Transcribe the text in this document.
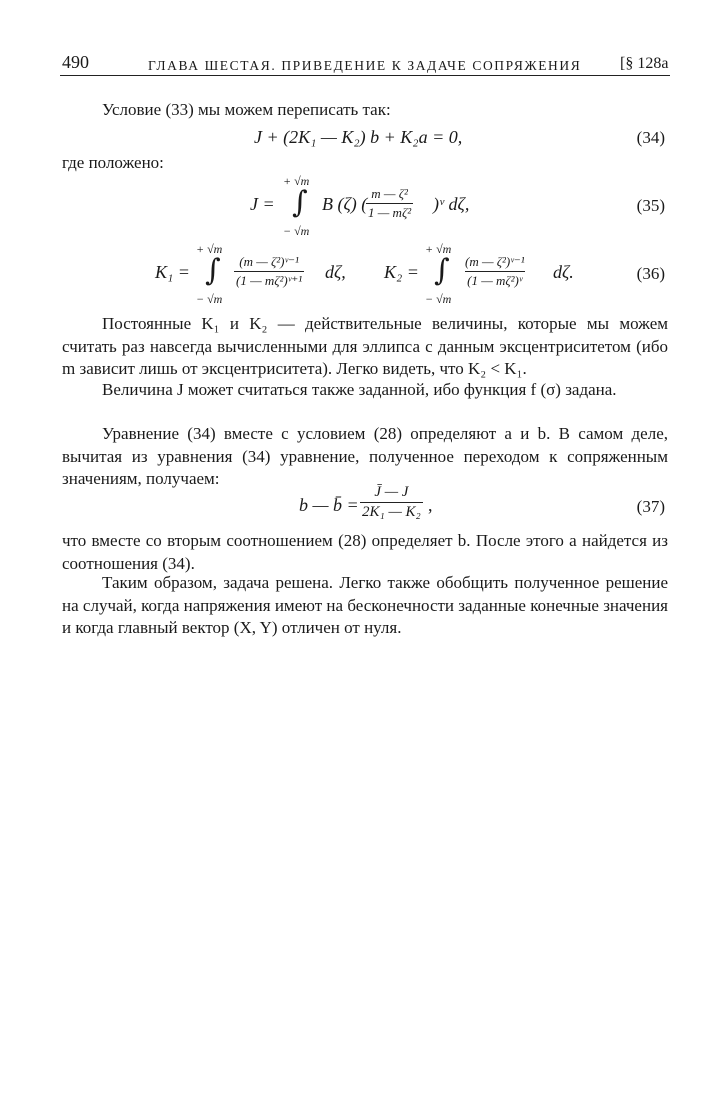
490	ГЛАВА ШЕСТАЯ. ПРИВЕДЕНИЕ К ЗАДАЧЕ СОПРЯЖЕНИЯ [§ 128а
Условие (33) мы можем переписать так:
J + (2K₁ — K₂) b + K₂a = 0,	(34)
где положено:
J =
+ √m
∫
− √m
B (ζ) (
$\frac{\text{m — ζ²}}{\text{1 — mζ²}}$ )ᵛ dζ,	(35)
K₁ =
+ √m
∫
− √m
$\frac{\text{(m — ζ²)ᵛ⁻¹}}{\text{(1 — mζ²)ᵛ⁺¹}} d\zeta$, K₂ =
+ √m
∫
− √m
$\frac{\text{(m — ζ²)ᵛ⁻¹}}{\text{(1 — mζ²)ᵛ}} d\zeta$.	(36)
Постоянные K₁ и K₂ — действительные величины, которые мы можем считать раз навсегда вычисленными для эллипса с данным эксцентриситетом (ибо m зависит лишь от эксцентриситета). Легко видеть, что K₂ < K₁.
Величина J может считаться также заданной, ибо функция f (σ) задана.
Уравнение (34) вместе с условием (28) определяют a и b. В самом деле, вычитая из уравнения (34) уравнение, полученное переходом к сопряженным значениям, получаем:
b — b̄ = $\frac{J̄ — J}{\text{2K₁ — K₂}}$ ,	(37)
что вместе со вторым соотношением (28) определяет b. После этого a найдется из соотношения (34).
Таким образом, задача решена. Легко также обобщить полученное решение на случай, когда напряжения имеют на бесконечности заданные конечные значения и когда главный вектор (X, Y) отличен от нуля.
